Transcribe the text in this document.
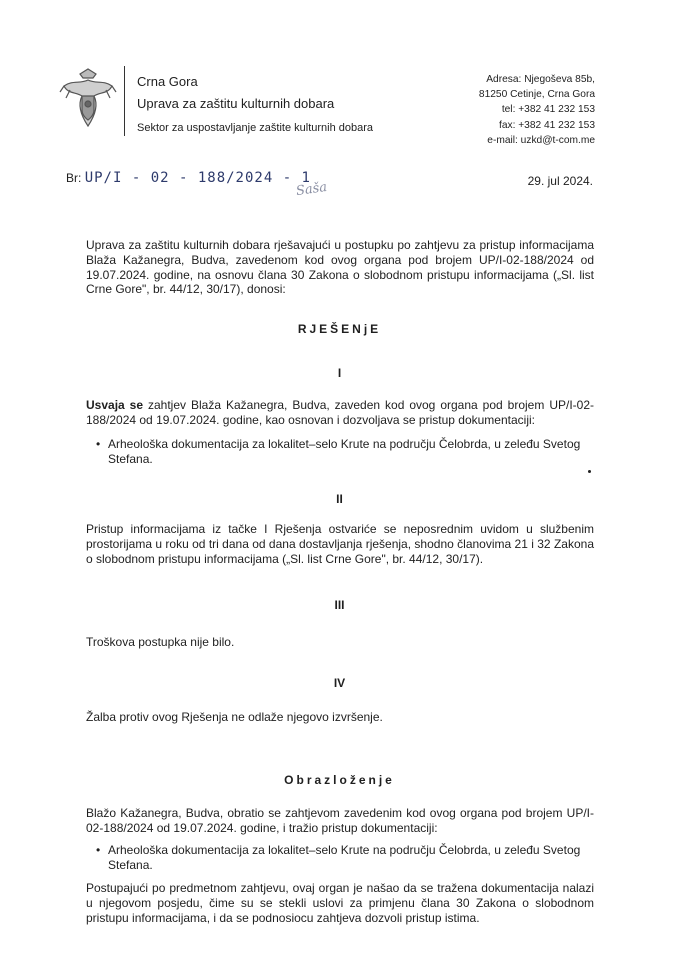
Crna Gora
Uprava za zaštitu kulturnih dobara
Sektor za uspostavljanje zaštite kulturnih dobara
Adresa: Njegoševa 85b,
81250 Cetinje, Crna Gora
tel: +382 41 232 153
fax: +382 41 232 153
e-mail: uzkd@t-com.me
Br: UP/I - 02 - 188/2024 - 1
Saša	29. jul 2024.
Uprava za zaštitu kulturnih dobara rješavajući u postupku po zahtjevu za pristup informacijama Blaža Kažanegra, Budva, zavedenom kod ovog organa pod brojem UP/I-02-188/2024 od 19.07.2024. godine, na osnovu člana 30 Zakona o slobodnom pristupu informacijama („Sl. list Crne Gore", br. 44/12, 30/17), donosi:
RJEŠENjE
I
Usvaja se zahtjev Blaža Kažanegra, Budva, zaveden kod ovog organa pod brojem UP/I-02-188/2024 od 19.07.2024. godine, kao osnovan i dozvoljava se pristup dokumentaciji:
• Arheološka dokumentacija za lokalitet–selo Krute na području Čelobrda, u zeleđu Svetog Stefana.
II
Pristup informacijama iz tačke I Rješenja ostvariće se neposrednim uvidom u službenim prostorijama u roku od tri dana od dana dostavljanja rješenja, shodno članovima 21 i 32 Zakona o slobodnom pristupu informacijama („Sl. list Crne Gore", br. 44/12, 30/17).
III
Troškova postupka nije bilo.
IV
Žalba protiv ovog Rješenja ne odlaže njegovo izvršenje.
Obrazloženje
Blažo Kažanegra, Budva, obratio se zahtjevom zavedenim kod ovog organa pod brojem UP/I-02-188/2024 od 19.07.2024. godine, i tražio pristup dokumentaciji:
• Arheološka dokumentacija za lokalitet–selo Krute na području Čelobrda, u zeleđu Svetog Stefana.
Postupajući po predmetnom zahtjevu, ovaj organ je našao da se tražena dokumentacija nalazi u njegovom posjedu, čime su se stekli uslovi za primjenu člana 30 Zakona o slobodnom pristupu informacijama, i da se podnosiocu zahtjeva dozvoli pristup istima.
